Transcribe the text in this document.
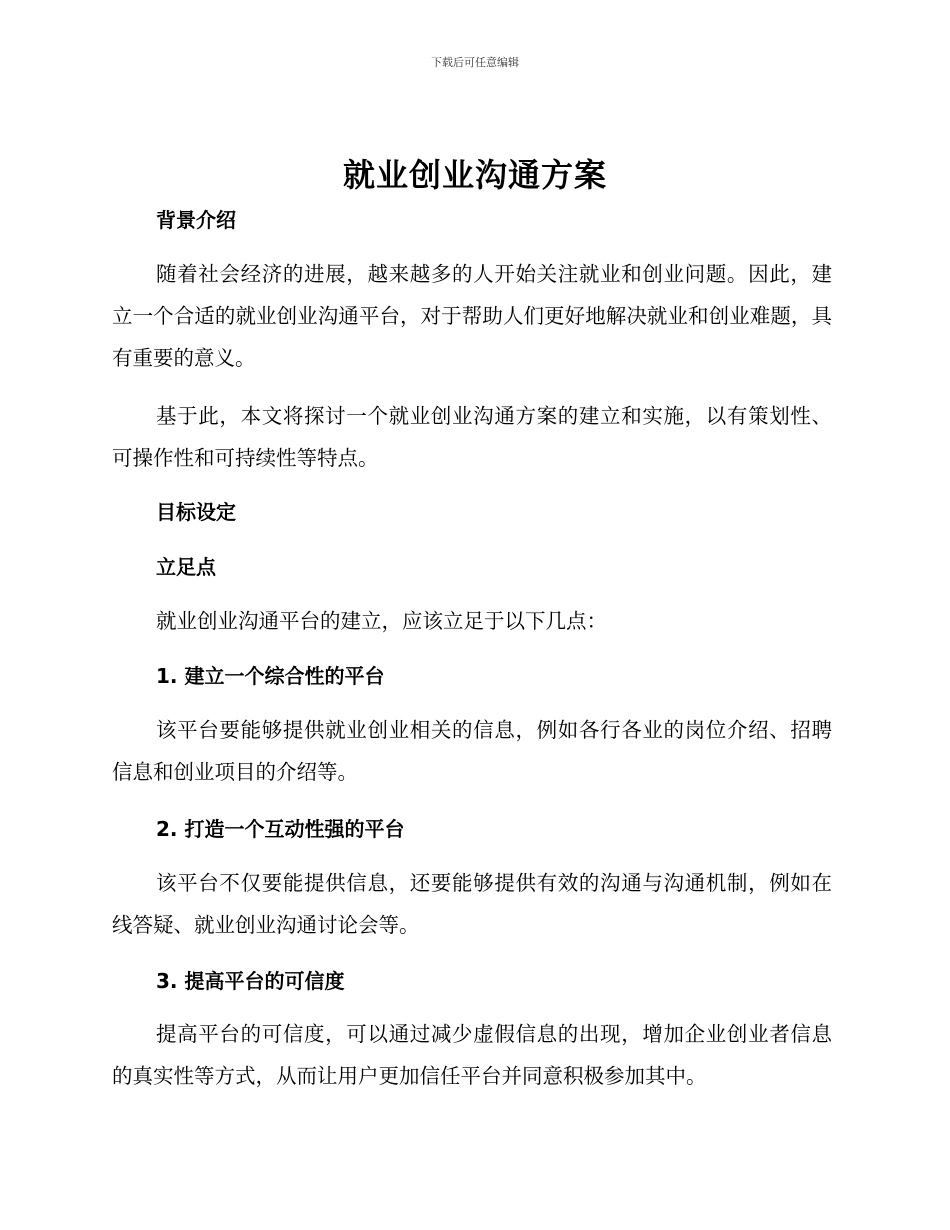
下载后可任意编辑
就业创业沟通方案
背景介绍

随着社会经济的进展，越来越多的人开始关注就业和创业问题。因此，建立一个合适的就业创业沟通平台，对于帮助人们更好地解决就业和创业难题，具有重要的意义。

基于此，本文将探讨一个就业创业沟通方案的建立和实施，以有策划性、可操作性和可持续性等特点。

目标设定
立足点

就业创业沟通平台的建立，应该立足于以下几点：

1. 建立一个综合性的平台

该平台要能够提供就业创业相关的信息，例如各行各业的岗位介绍、招聘信息和创业项目的介绍等。

2. 打造一个互动性强的平台

该平台不仅要能提供信息，还要能够提供有效的沟通与沟通机制，例如在线答疑、就业创业沟通讨论会等。

3. 提高平台的可信度

提高平台的可信度，可以通过减少虚假信息的出现，增加企业创业者信息的真实性等方式，从而让用户更加信任平台并同意积极参加其中。
